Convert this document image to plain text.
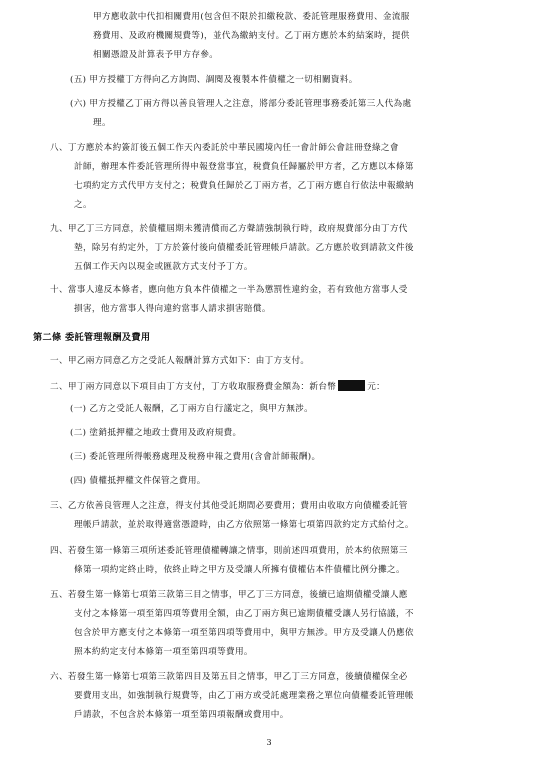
甲方應收款中代扣相關費用(包含但不限於扣繳稅款、委託管理服務費用、金流服
務費用、及政府機關規費等)，並代為繳納支付。乙丁兩方應於本約結案時，提供
相關憑證及計算表予甲方存參。
(五) 甲方授權丁方得向乙方詢問、調閱及複製本件債權之一切相關資料。
(六) 甲方授權乙丁兩方得以善良管理人之注意，將部分委託管理事務委託第三人代為處
理。
八、丁方應於本約簽訂後五個工作天內委託於中華民國境內任一會計師公會註冊登綠之會
計師，辦理本件委託管理所得申報登當事宜，稅費負任歸屬於甲方者，乙方應以本條第
七項約定方式代甲方支付之；稅費負任歸於乙丁兩方者，乙丁兩方應自行依法申報繳納
之。
九、甲乙丁三方同意，於債權屆期未獲清償而乙方聲請強制執行時，政府規費部分由丁方代
墊，除另有約定外，丁方於簽付後向債權委託管理帳戶請款。乙方應於收到請款文件後
五個工作天內以現金或匯款方式支付予丁方。
十、當事人違反本條者，應向他方負本件債權之一半為懲罰性違約金，若有致他方當事人受
損害，他方當事人得向違約當事人請求損害賠償。
第二條 委託管理報酬及費用
一、甲乙兩方同意乙方之受託人報酬計算方式如下：由丁方支付。
二、甲丁兩方同意以下項目由丁方支付，丁方收取服務費金額為：新台幣	元：
(一) 乙方之受託人報酬，乙丁兩方自行議定之，與甲方無涉。
(二) 塗銷抵押權之地政士費用及政府規費。
(三) 委託管理所得帳務處理及稅務申報之費用(含會計師報酬)。
(四) 債權抵押權文件保管之費用。
三、乙方依善良管理人之注意，得支付其他受託期間必要費用；費用由收取方向債權委託管
理帳戶請款，並於取得適當憑證時，由乙方依照第一條第七項第四款約定方式給付之。
四、若發生第一條第三項所述委託管理債權轉讓之情事，則前述四項費用，於本約依照第三
條第一項約定終止時，依終止時之甲方及受讓人所擁有債權佔本件債權比例分攤之。
五、若發生第一條第七項第三款第三目之情事，甲乙丁三方同意，後續已逾期債權受讓人應
支付之本條第一項至第四項等費用全額，由乙丁兩方與已逾期債權受讓人另行協議，不
包含於甲方應支付之本條第一項至第四項等費用中，與甲方無涉。甲方及受讓人仍應依
照本約約定支付本條第一項至第四項等費用。
六、若發生第一條第七項第三款第四目及第五目之情事，甲乙丁三方同意，後續債權保全必
要費用支出，如強制執行規費等，由乙丁兩方或受託處理業務之單位向債權委託管理帳
戶請款，不包含於本條第一項至第四項報酬或費用中。
3
